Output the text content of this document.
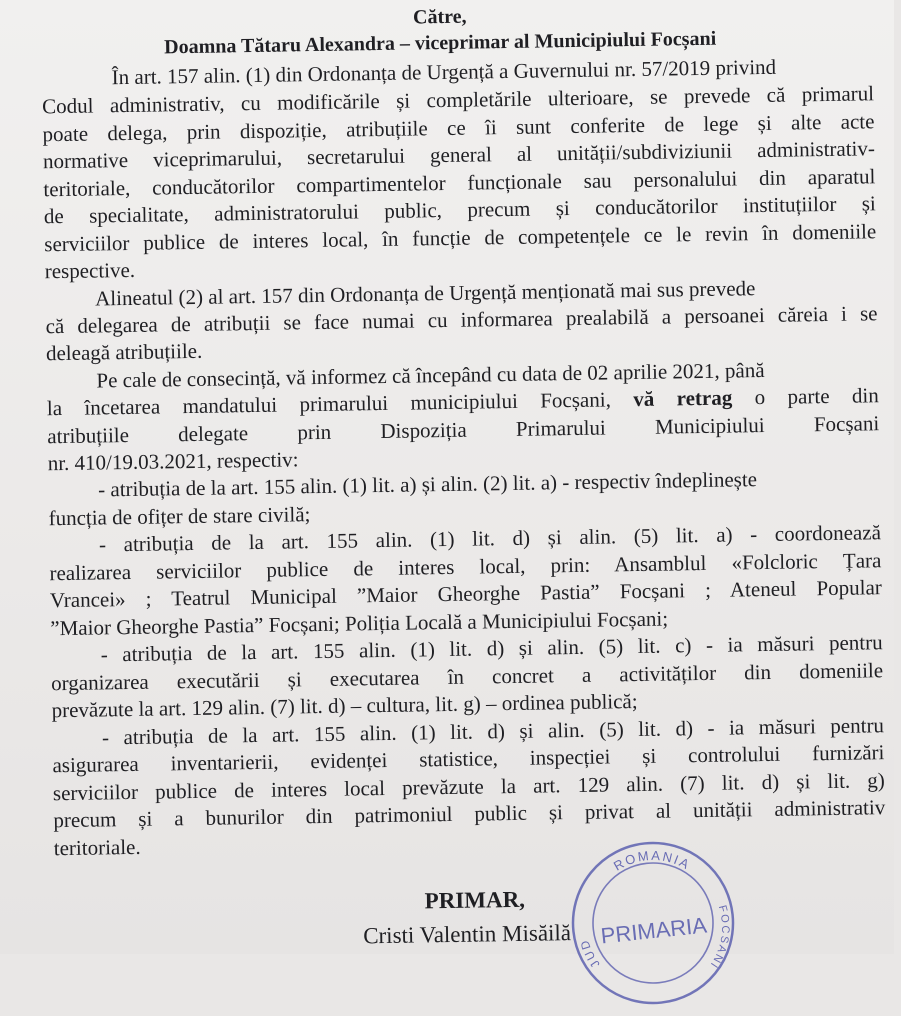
Către,
Doamna Tătaru Alexandra – viceprimar al Municipiului Focșani
În art. 157 alin. (1) din Ordonanța de Urgență a Guvernului nr. 57/2019 privind
Codul administrativ, cu modificările și completările ulterioare, se prevede că primarul
poate delega, prin dispoziție, atribuțiile ce îi sunt conferite de lege și alte acte
normative viceprimarului, secretarului general al unității/subdiviziunii administrativ-
teritoriale, conducătorilor compartimentelor funcționale sau personalului din aparatul
de specialitate, administratorului public, precum și conducătorilor instituțiilor și
serviciilor publice de interes local, în funcție de competențele ce le revin în domeniile
respective.
Alineatul (2) al art. 157 din Ordonanța de Urgență menționată mai sus prevede
că delegarea de atribuții se face numai cu informarea prealabilă a persoanei căreia i se
deleagă atribuțiile.
Pe cale de consecință, vă informez că începând cu data de 02 aprilie 2021, până
la încetarea mandatului primarului municipiului Focșani, vă retrag o parte din
atribuțiile delegate prin Dispoziția Primarului Municipiului Focșani
nr. 410/19.03.2021, respectiv:
- atribuția de la art. 155 alin. (1) lit. a) și alin. (2) lit. a) - respectiv îndeplinește
funcția de ofițer de stare civilă;
- atribuția de la art. 155 alin. (1) lit. d) și alin. (5) lit. a) - coordonează
realizarea serviciilor publice de interes local, prin: Ansamblul «Folcloric Țara
Vrancei» ; Teatrul Municipal ”Maior Gheorghe Pastia” Focșani ; Ateneul Popular
”Maior Gheorghe Pastia” Focșani; Poliția Locală a Municipiului Focșani;
- atribuția de la art. 155 alin. (1) lit. d) și alin. (5) lit. c) - ia măsuri pentru
organizarea executării și executarea în concret a activităților din domeniile
prevăzute la art. 129 alin. (7) lit. d) – cultura, lit. g) – ordinea publică;
- atribuția de la art. 155 alin. (1) lit. d) și alin. (5) lit. d) - ia măsuri pentru
asigurarea inventarierii, evidenței statistice, inspecției și controlului furnizări
serviciilor publice de interes local prevăzute la art. 129 alin. (7) lit. d) și lit. g)
precum și a bunurilor din patrimoniul public și privat al unității administrativ
teritoriale.
PRIMAR,
Cristi Valentin Misăilă
ROMANIA
JUD
FOCSANI
PRIMARIA
